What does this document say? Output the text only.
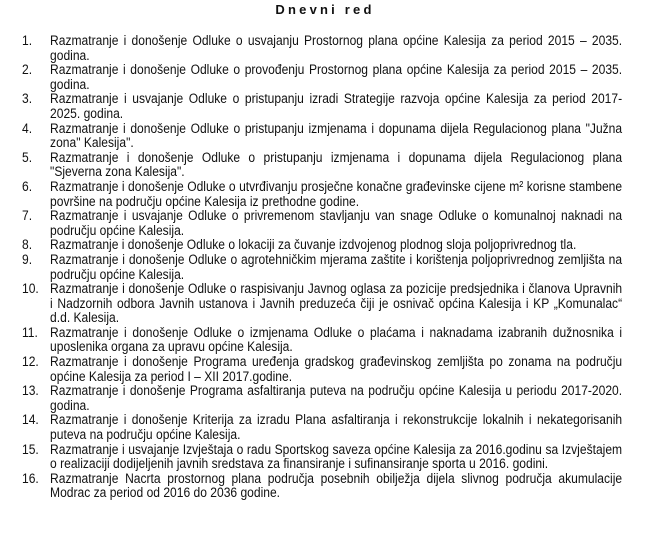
Dnevni red
1.	Razmatranje i donošenje Odluke o usvajanju Prostornog plana općine Kalesija za period 2015 – 2035. godina.
2.	Razmatranje i donošenje Odluke o provođenju Prostornog plana općine Kalesija za period 2015 – 2035. godina.
3.	Razmatranje i usvajanje Odluke o pristupanju izradi Strategije razvoja općine Kalesija za period 2017-2025. godina.
4.	Razmatranje i donošenje Odluke o pristupanju izmjenama i dopunama dijela Regulacionog plana "Južna zona" Kalesija".
5.	Razmatranje i donošenje Odluke o pristupanju izmjenama i dopunama dijela Regulacionog plana "Sjeverna zona Kalesija".
6.	Razmatranje i donošenje Odluke o utvrđivanju prosječne konačne građevinske cijene m² korisne stambene površine na području općine Kalesija iz prethodne godine.
7.	Razmatranje i usvajanje Odluke o privremenom stavljanju van snage Odluke o komunalnoj naknadi na području općine Kalesija.
8.	Razmatranje i donošenje Odluke o lokaciji za čuvanje izdvojenog plodnog sloja poljoprivrednog tla.
9.	Razmatranje i donošenje Odluke o agrotehničkim mjerama zaštite i korištenja poljoprivrednog zemljišta na području općine Kalesija.
10. Razmatranje i donošenje Odluke o raspisivanju Javnog oglasa za pozicije predsjednika i članova Upravnih i Nadzornih odbora Javnih ustanova i Javnih preduzeća čiji je osnivač općina Kalesija i KP „Komunalac“ d.d. Kalesija.
11. Razmatranje i donošenje Odluke o izmjenama Odluke o plaćama i naknadama izabranih dužnosnika i uposlenika organa za upravu općine Kalesija.
12. Razmatranje i donošenje Programa uređenja gradskog građevinskog zemljišta po zonama na području općine Kalesija za period I – XII 2017.godine.
13. Razmatranje i donošenje Programa asfaltiranja puteva na području općine Kalesija u periodu 2017-2020. godina.
14. Razmatranje i donošenje Kriterija za izradu Plana asfaltiranja i rekonstrukcije lokalnih i nekategorisanih puteva na području općine Kalesija.
15. Razmatranje i usvajanje Izvještaja o radu Sportskog saveza općine Kalesija za 2016.godinu sa Izvještajem o realizaciji dodijeljenih javnih sredstava za finansiranje i sufinansiranje sporta u 2016. godini.
16. Razmatranje Nacrta prostornog plana područja posebnih obilježja dijela slivnog područja akumulacije Modrac za period od 2016 do 2036 godine.
